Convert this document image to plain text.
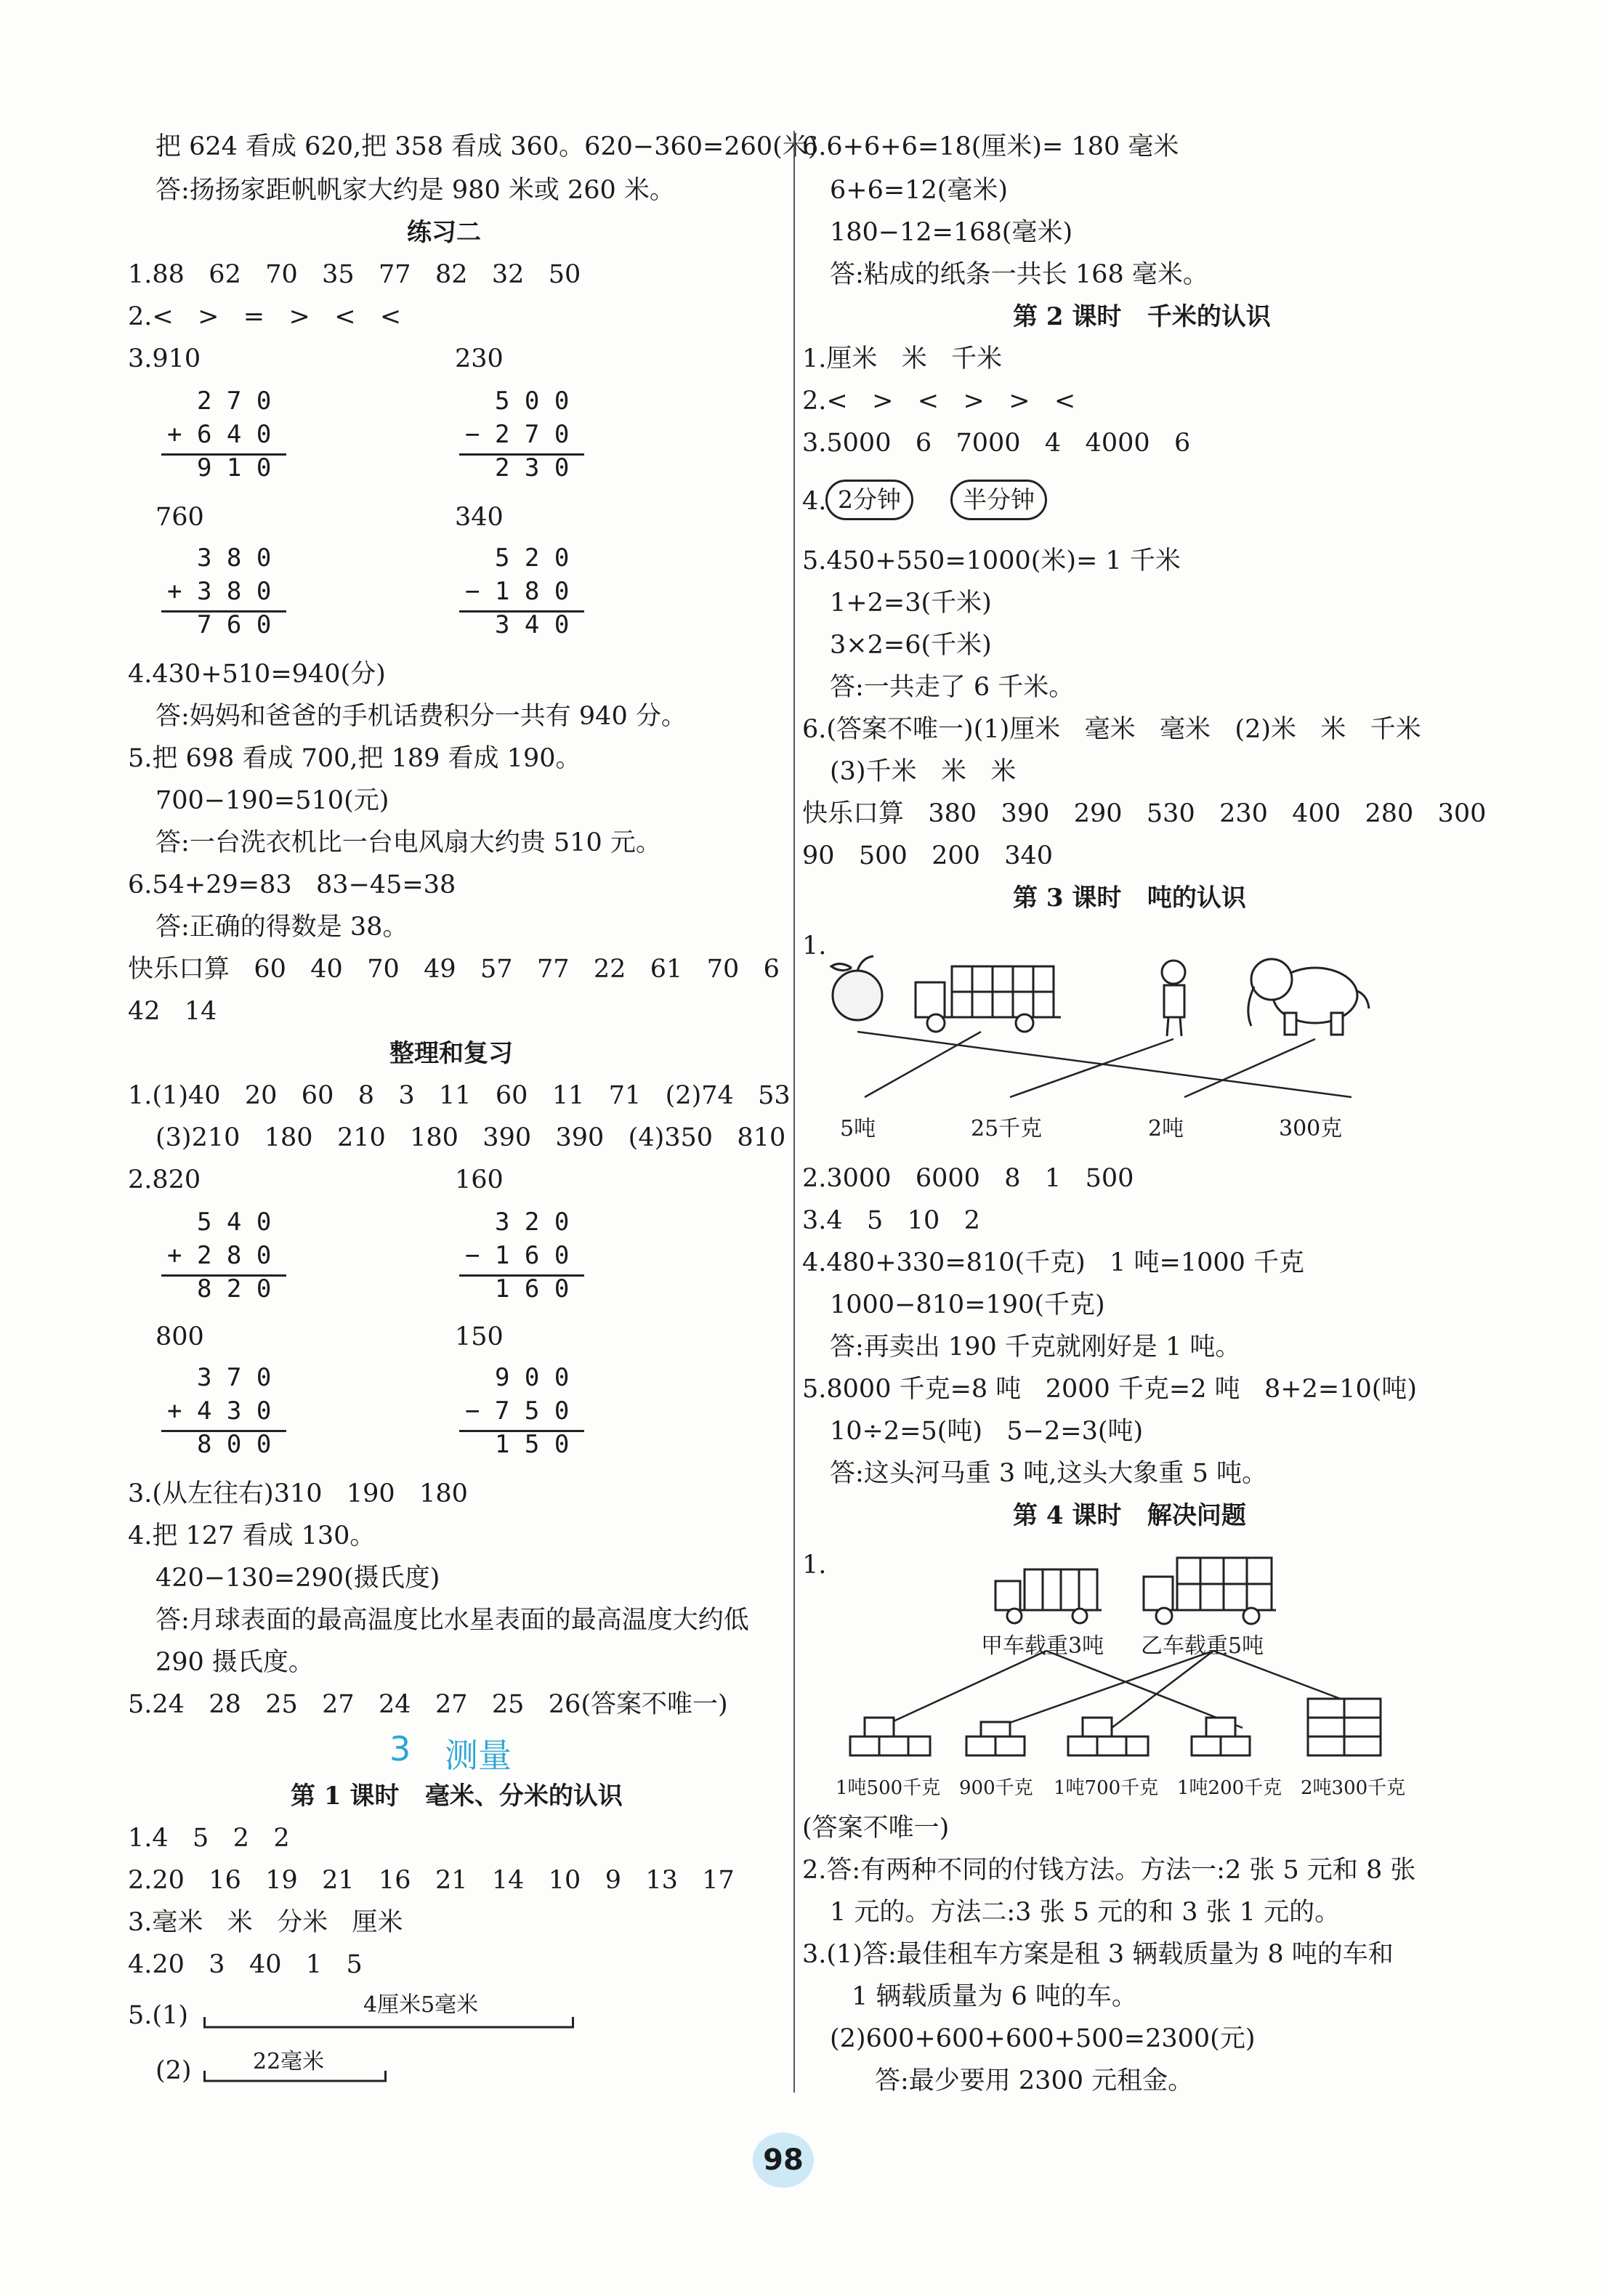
把 624 看成 620,把 358 看成 360。620−360=260(米)
答:扬扬家距帆帆家大约是 980 米或 260 米。
练习二
1.88   62   70   35   77   82   32   50
2.<   >   =   >   <   <
3.910	230
2 7 0
+ 6 4 0
9 1 0
5 0 0
− 2 7 0
2 3 0
760	340
3 8 0
+ 3 8 0
7 6 0
5 2 0
− 1 8 0
3 4 0
4.430+510=940(分)
答:妈妈和爸爸的手机话费积分一共有 940 分。
5.把 698 看成 700,把 189 看成 190。
700−190=510(元)
答:一台洗衣机比一台电风扇大约贵 510 元。
6.54+29=83   83−45=38
答:正确的得数是 38。
快乐口算   60   40   70   49   57   77   22   61   70   6
42   14
整理和复习
1.(1)40   20   60   8   3   11   60   11   71   (2)74   53
(3)210   180   210   180   390   390   (4)350   810
2.820	160
5 4 0
+ 2 8 0
8 2 0
3 2 0
− 1 6 0
1 6 0
800	150
3 7 0
+ 4 3 0
8 0 0
9 0 0
− 7 5 0
1 5 0
3.(从左往右)310   190   180
4.把 127 看成 130。
420−130=290(摄氏度)
答:月球表面的最高温度比水星表面的最高温度大约低
290 摄氏度。
5.24   28   25   27   24   27   25   26(答案不唯一)
3 测量
第 1 课时   毫米、分米的认识
1.4   5   2   2
2.20   16   19   21   16   21   14   10   9   13   17
3.毫米   米   分米   厘米
4.20   3   40   1   5
5.(1)	4厘米5毫米
(2)	22毫米
6.6+6+6=18(厘米)= 180 毫米
6+6=12(毫米)
180−12=168(毫米)
答:粘成的纸条一共长 168 毫米。
第 2 课时   千米的认识
1.厘米   米   千米
2.<   >   <   >   >   <
3.5000   6   7000   4   4000   6
4. 2分钟	半分钟
5.450+550=1000(米)= 1 千米
1+2=3(千米)
3×2=6(千米)
答:一共走了 6 千米。
6.(答案不唯一)(1)厘米   毫米   毫米   (2)米   米   千米
(3)千米   米   米
快乐口算   380   390   290   530   230   400   280   300
90   500   200   340
第 3 课时   吨的认识
1.
5吨	25千克	2吨	300克
2.3000   6000   8   1   500
3.4   5   10   2
4.480+330=810(千克)   1 吨=1000 千克
1000−810=190(千克)
答:再卖出 190 千克就刚好是 1 吨。
5.8000 千克=8 吨   2000 千克=2 吨   8+2=10(吨)
10÷2=5(吨)   5−2=3(吨)
答:这头河马重 3 吨,这头大象重 5 吨。
第 4 课时   解决问题
1.
甲车载重3吨 乙车载重5吨
1吨500千克 900千克 1吨700千克 1吨200千克 2吨300千克
(答案不唯一)
2.答:有两种不同的付钱方法。方法一:2 张 5 元和 8 张
1 元的。方法二:3 张 5 元的和 3 张 1 元的。
3.(1)答:最佳租车方案是租 3 辆载质量为 8 吨的车和
1 辆载质量为 6 吨的车。
(2)600+600+600+500=2300(元)
答:最少要用 2300 元租金。
98
